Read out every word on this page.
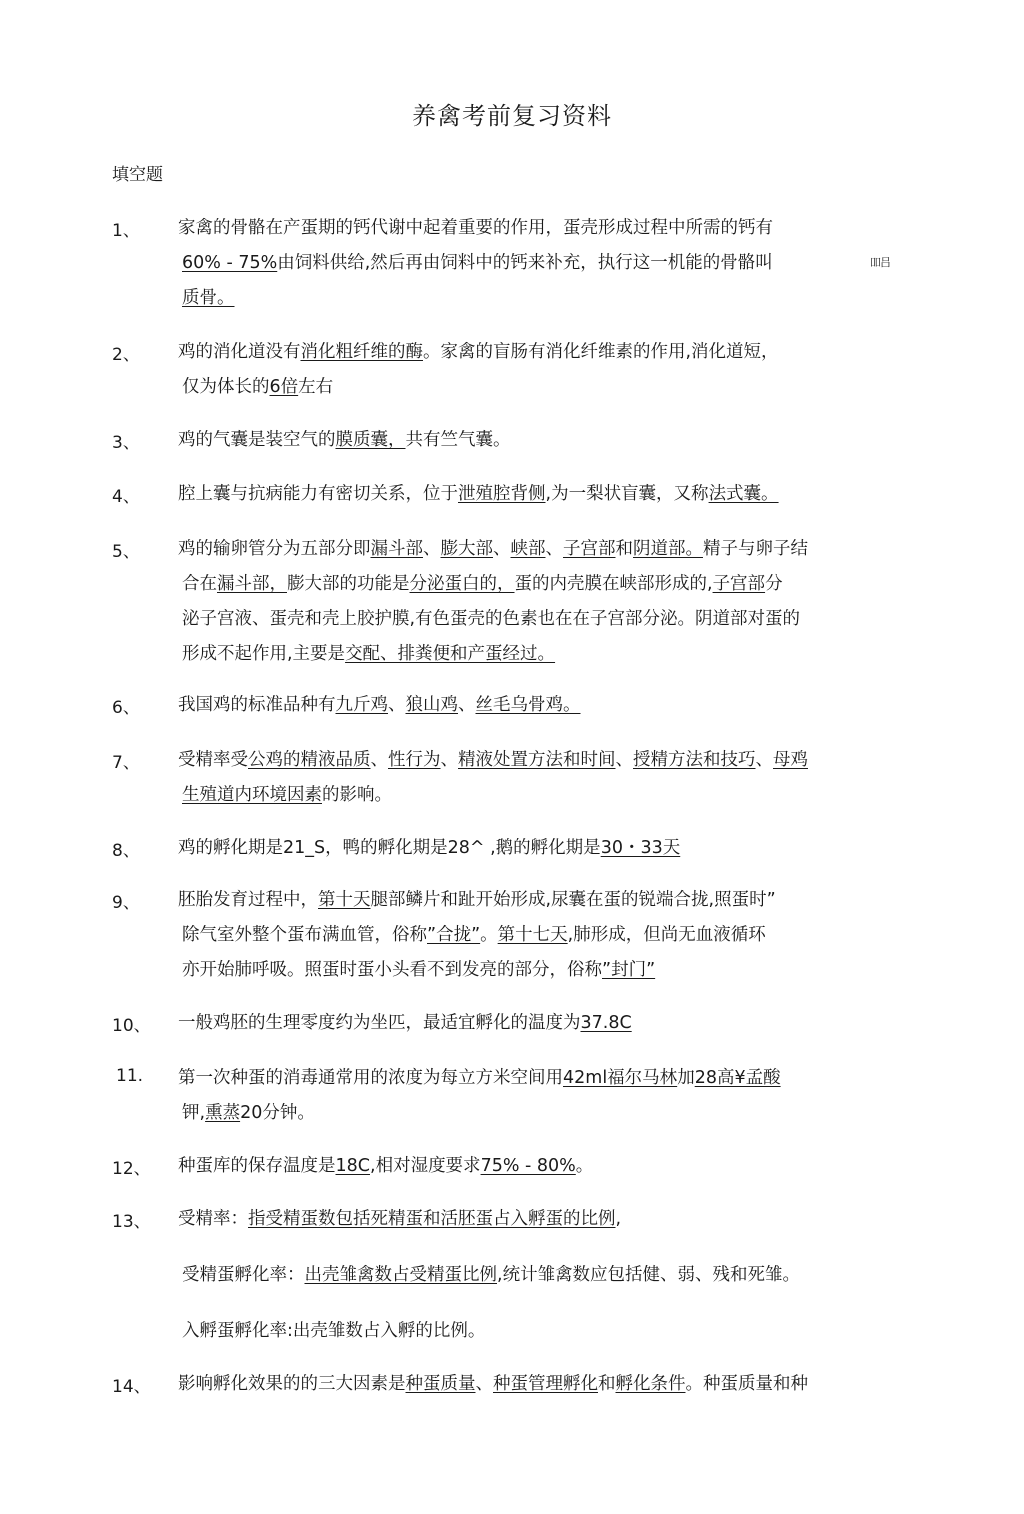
养禽考前复习资料
填空题
吅吕
1、	家禽的骨骼在产蛋期的钙代谢中起着重要的作用，蛋壳形成过程中所需的钙有
60% - 75%由饲料供给,然后再由饲料中的钙来补充，执行这一机能的骨骼叫
质骨。
2、	鸡的消化道没有消化粗纤维的酶。家禽的盲肠有消化纤维素的作用,消化道短，
仅为体长的6倍左右
3、	鸡的气囊是装空气的膜质囊，共有竺气囊。
4、	腔上囊与抗病能力有密切关系，位于泄殖腔背侧,为一梨状盲囊，又称法式囊。
5、	鸡的输卵管分为五部分即漏斗部、膨大部、峡部、子宫部和阴道部。精子与卵子结
合在漏斗部，膨大部的功能是分泌蛋白的，蛋的内壳膜在峡部形成的,子宫部分
泌子宫液、蛋壳和壳上胶护膜,有色蛋壳的色素也在在子宫部分泌。阴道部对蛋的
形成不起作用,主要是交配、排粪便和产蛋经过。
6、	我国鸡的标准品种有九斤鸡、狼山鸡、丝毛乌骨鸡。
7、	受精率受公鸡的精液品质、性行为、精液处置方法和时间、授精方法和技巧、母鸡
生殖道内环境因素的影响。
8、	鸡的孵化期是21_S，鸭的孵化期是28^ ,鹅的孵化期是30・33天
9、	胚胎发育过程中，第十天腿部鳞片和趾开始形成,尿囊在蛋的锐端合拢,照蛋时”
除气室外整个蛋布满血管，俗称”合拢”。第十七天,肺形成，但尚无血液循环
亦开始肺呼吸。照蛋时蛋小头看不到发亮的部分，俗称”封门”
10、	一般鸡胚的生理零度约为坐匹，最适宜孵化的温度为37.8C
11.	第一次种蛋的消毒通常用的浓度为每立方米空间用42ml福尔马林加28高¥孟酸
钾,熏蒸20分钟。
12、	种蛋库的保存温度是18C,相对湿度要求75% - 80%。
13、	受精率：指受精蛋数包括死精蛋和活胚蛋占入孵蛋的比例,
受精蛋孵化率：出壳雏禽数占受精蛋比例,统计雏禽数应包括健、弱、残和死雏。
入孵蛋孵化率:出壳雏数占入孵的比例。
14、	影响孵化效果的的三大因素是种蛋质量、种蛋管理孵化和孵化条件。种蛋质量和种
